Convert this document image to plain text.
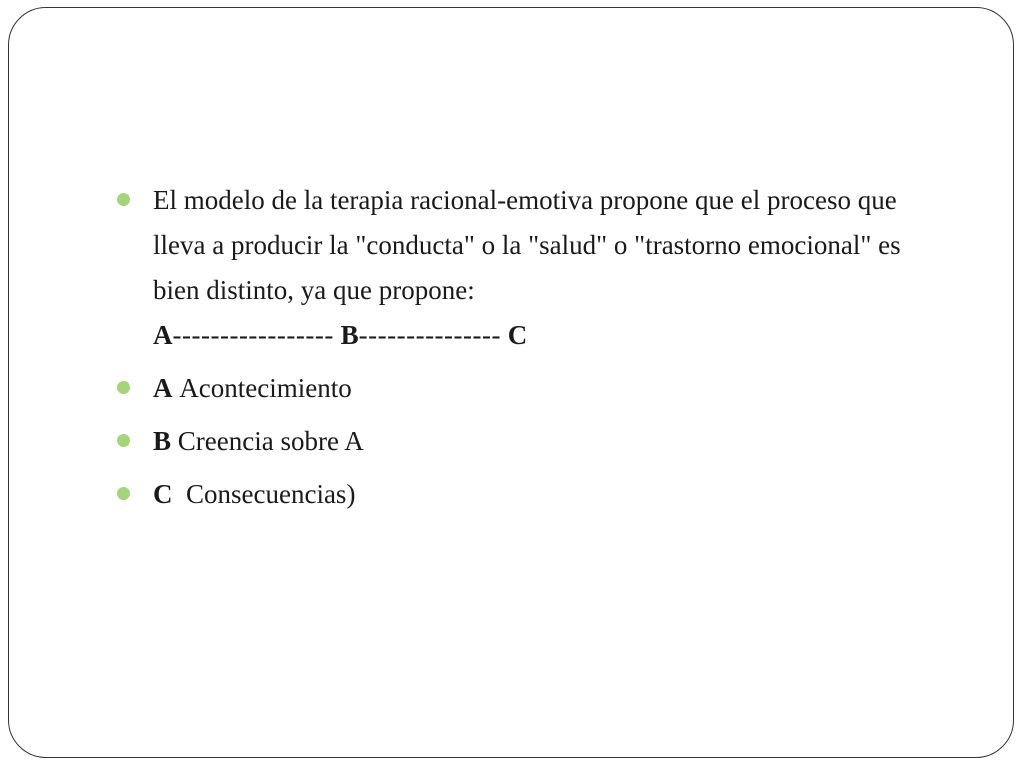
El modelo de la terapia racional-emotiva propone que el proceso que lleva a producir la "conducta" o la "salud" o "trastorno emocional" es bien distinto, ya que propone:
A----------------- B--------------- C
A Acontecimiento
B Creencia sobre A
C Consecuencias)
